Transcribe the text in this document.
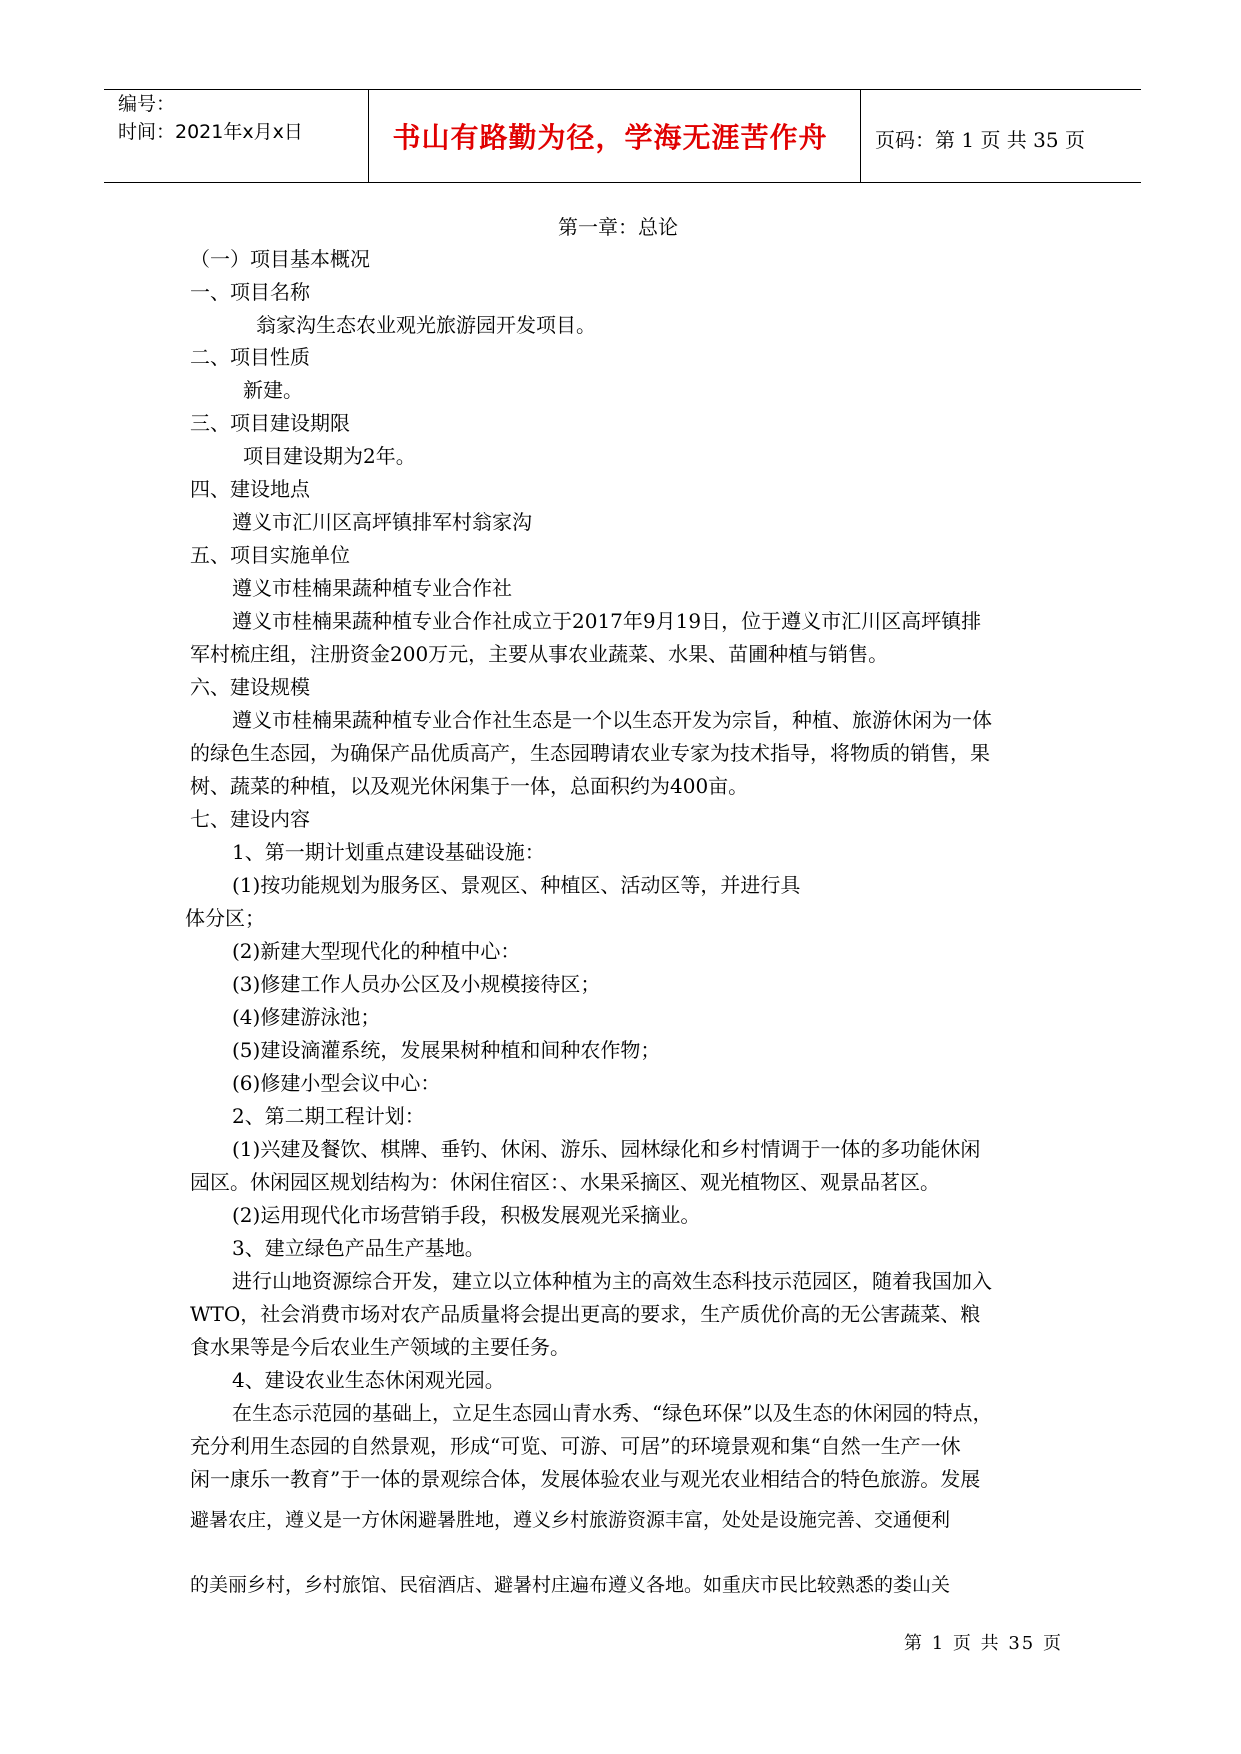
编号：
时间：2021年x月x日	书山有路勤为径，学海无涯苦作舟	页码：第 1 页 共 35 页
第一章：总论
（一）项目基本概况
一、项目名称
翁家沟生态农业观光旅游园开发项目。
二、项目性质
新建。
三、项目建设期限
项目建设期为2年。
四、建设地点
遵义市汇川区高坪镇排军村翁家沟
五、项目实施单位
遵义市桂楠果蔬种植专业合作社
遵义市桂楠果蔬种植专业合作社成立于2017年9月19日，位于遵义市汇川区高坪镇排
军村梳庄组，注册资金200万元，主要从事农业蔬菜、水果、苗圃种植与销售。
六、建设规模
遵义市桂楠果蔬种植专业合作社生态是一个以生态开发为宗旨，种植、旅游休闲为一体
的绿色生态园，为确保产品优质高产，生态园聘请农业专家为技术指导，将物质的销售，果
树、蔬菜的种植，以及观光休闲集于一体，总面积约为400亩。
七、建设内容
1、第一期计划重点建设基础设施：
(1)按功能规划为服务区、景观区、种植区、活动区等，并进行具
体分区；
(2)新建大型现代化的种植中心：
(3)修建工作人员办公区及小规模接待区；
(4)修建游泳池；
(5)建设滴灌系统，发展果树种植和间种农作物；
(6)修建小型会议中心：
2、第二期工程计划：
(1)兴建及餐饮、棋牌、垂钓、休闲、游乐、园林绿化和乡村情调于一体的多功能休闲
园区。休闲园区规划结构为：休闲住宿区：、水果采摘区、观光植物区、观景品茗区。
(2)运用现代化市场营销手段，积极发展观光采摘业。
3、建立绿色产品生产基地。
进行山地资源综合开发，建立以立体种植为主的高效生态科技示范园区，随着我国加入
WTO，社会消费市场对农产品质量将会提出更高的要求，生产质优价高的无公害蔬菜、粮
食水果等是今后农业生产领域的主要任务。
4、建设农业生态休闲观光园。
在生态示范园的基础上，立足生态园山青水秀、“绿色环保”以及生态的休闲园的特点，
充分利用生态园的自然景观，形成“可览、可游、可居”的环境景观和集“自然一生产一休
闲一康乐一教育”于一体的景观综合体，发展体验农业与观光农业相结合的特色旅游。发展
避暑农庄，遵义是一方休闲避暑胜地，遵义乡村旅游资源丰富，处处是设施完善、交通便利
的美丽乡村，乡村旅馆、民宿酒店、避暑村庄遍布遵义各地。如重庆市民比较熟悉的娄山关
第 1 页 共 35 页
